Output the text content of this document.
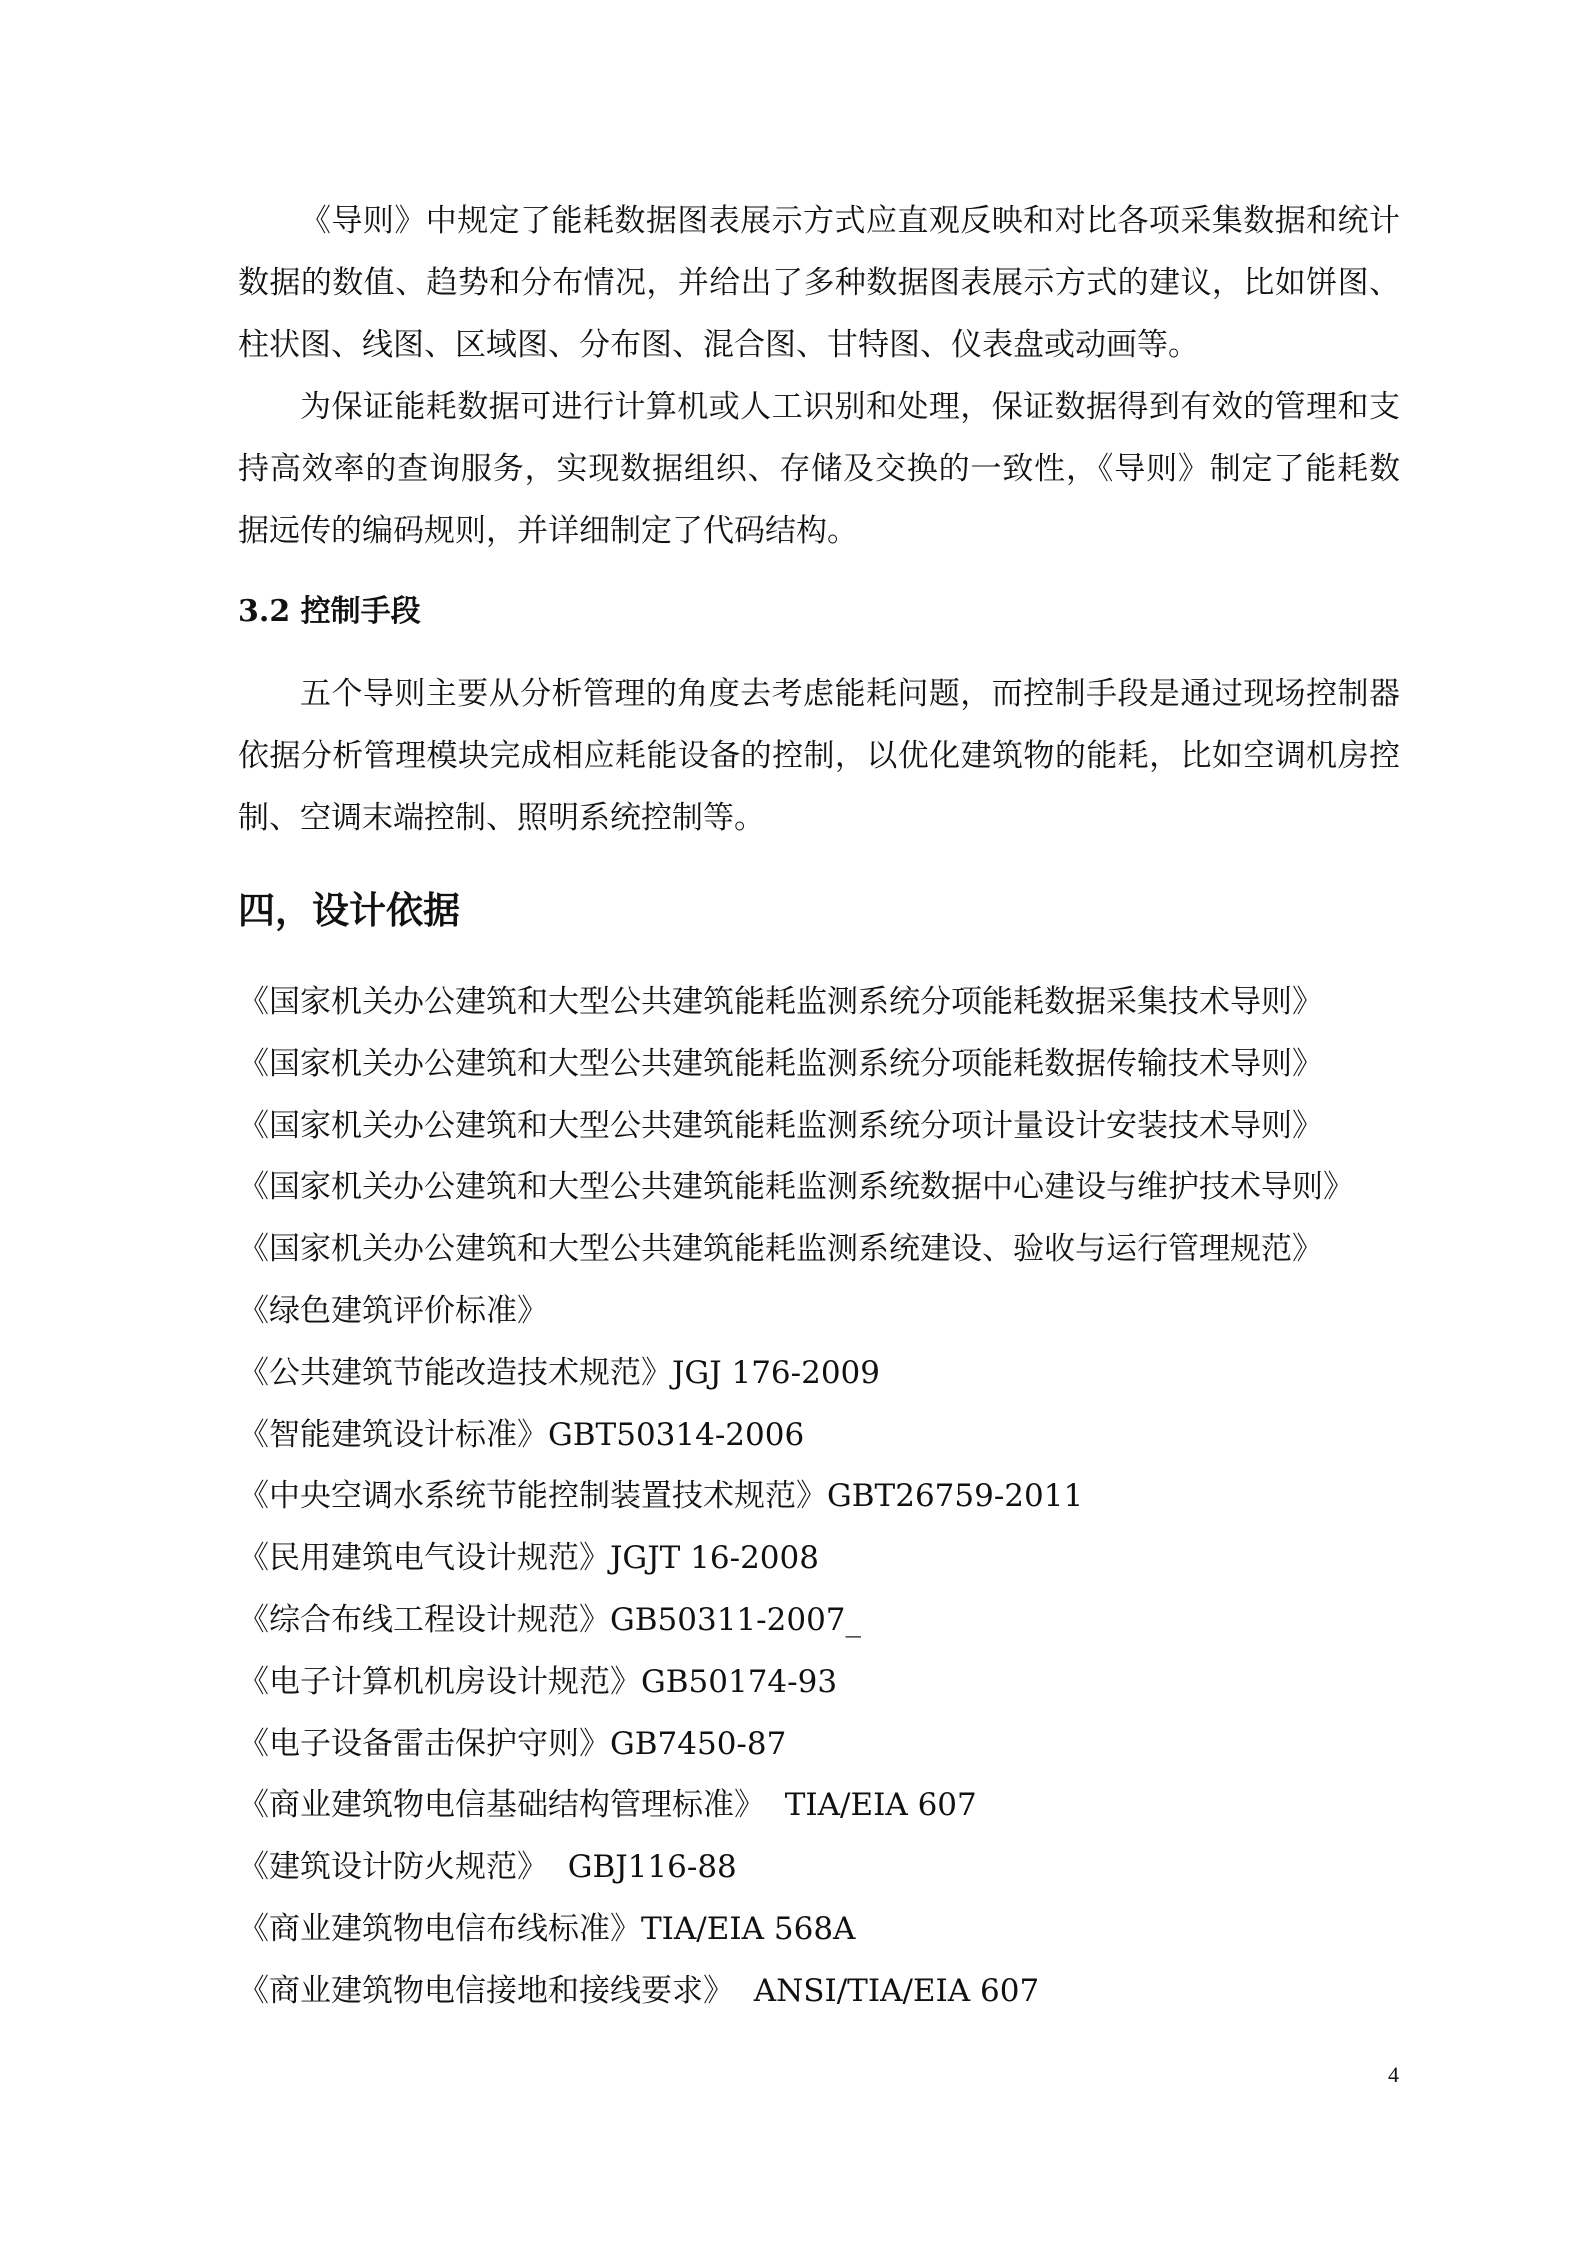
《导则》中规定了能耗数据图表展示方式应直观反映和对比各项采集数据和统计数据的数值、趋势和分布情况，并给出了多种数据图表展示方式的建议，比如饼图、柱状图、线图、区域图、分布图、混合图、甘特图、仪表盘或动画等。

为保证能耗数据可进行计算机或人工识别和处理，保证数据得到有效的管理和支持高效率的查询服务，实现数据组织、存储及交换的一致性，《导则》制定了能耗数据远传的编码规则，并详细制定了代码结构。

3.2 控制手段

五个导则主要从分析管理的角度去考虑能耗问题，而控制手段是通过现场控制器依据分析管理模块完成相应耗能设备的控制，以优化建筑物的能耗，比如空调机房控制、空调末端控制、照明系统控制等。

四，设计依据
《国家机关办公建筑和大型公共建筑能耗监测系统分项能耗数据采集技术导则》
《国家机关办公建筑和大型公共建筑能耗监测系统分项能耗数据传输技术导则》
《国家机关办公建筑和大型公共建筑能耗监测系统分项计量设计安装技术导则》
《国家机关办公建筑和大型公共建筑能耗监测系统数据中心建设与维护技术导则》
《国家机关办公建筑和大型公共建筑能耗监测系统建设、验收与运行管理规范》
《绿色建筑评价标准》
《公共建筑节能改造技术规范》JGJ 176-2009
《智能建筑设计标准》GBT50314-2006
《中央空调水系统节能控制装置技术规范》GBT26759-2011
《民用建筑电气设计规范》JGJT 16-2008
《综合布线工程设计规范》GB50311-2007_
《电子计算机机房设计规范》GB50174-93
《电子设备雷击保护守则》GB7450-87
《商业建筑物电信基础结构管理标准》  TIA/EIA 607
《建筑设计防火规范》  GBJ116-88
《商业建筑物电信布线标准》TIA/EIA 568A
《商业建筑物电信接地和接线要求》  ANSI/TIA/EIA 607
4
